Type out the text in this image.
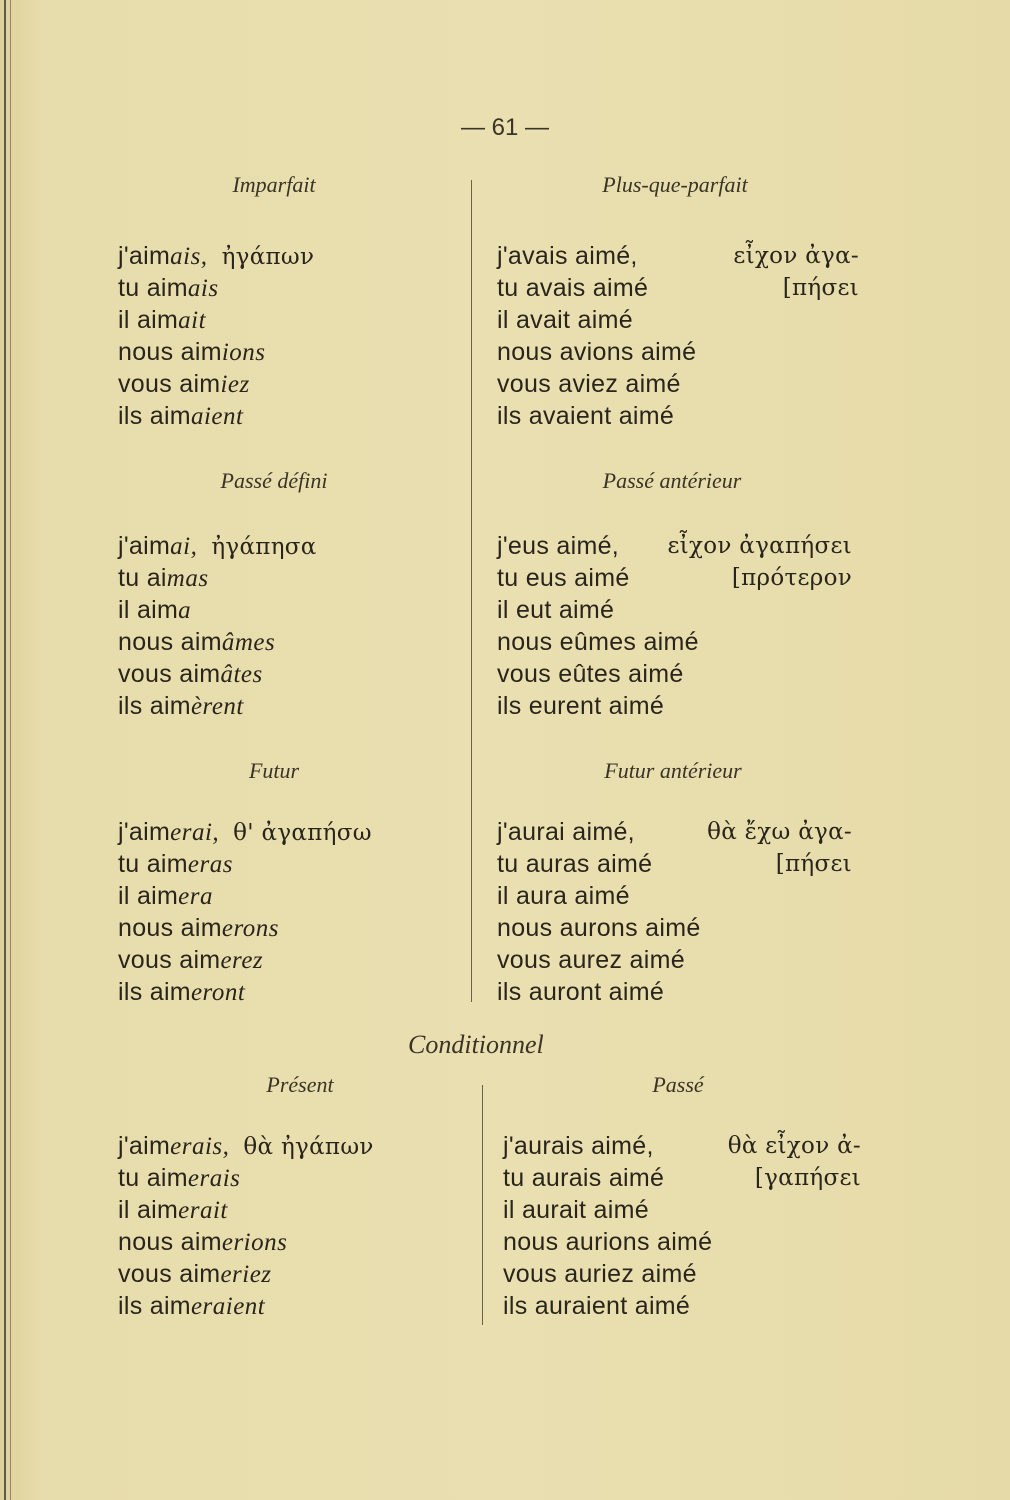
— 61 —
Imparfait
j'aimais, ἠγάπων
tu aimais
il aimait
nous aimions
vous aimiez
ils aimaient
Passé défini
j'aimai, ἠγάπησα
tu aimas
il aima
nous aimâmes
vous aimâtes
ils aimèrent
Futur
j'aimerai, θ' ἀγαπήσω
tu aimeras
il aimera
nous aimerons
vous aimerez
ils aimeront
Plus-que-parfait
j'avais aimé,	εἶχον ἀγα-
tu avais aimé	[πήσει
il avait aimé
nous avions aimé
vous aviez aimé
ils avaient aimé
Passé antérieur
j'eus aimé, εἶχον ἀγαπήσει
tu eus aimé	[πρότερον
il eut aimé
nous eûmes aimé
vous eûtes aimé
ils eurent aimé
Futur antérieur
j'aurai aimé,	θὰ ἔχω ἀγα-
tu auras aimé	[πήσει
il aura aimé
nous aurons aimé
vous aurez aimé
ils auront aimé
Conditionnel
Présent
j'aimerais, θὰ ἠγάπων
tu aimerais
il aimerait
nous aimerions
vous aimeriez
ils aimeraient
Passé
j'aurais aimé,	θὰ εἶχον ἀ-
tu aurais aimé	[γαπήσει
il aurait aimé
nous aurions aimé
vous auriez aimé
ils auraient aimé
